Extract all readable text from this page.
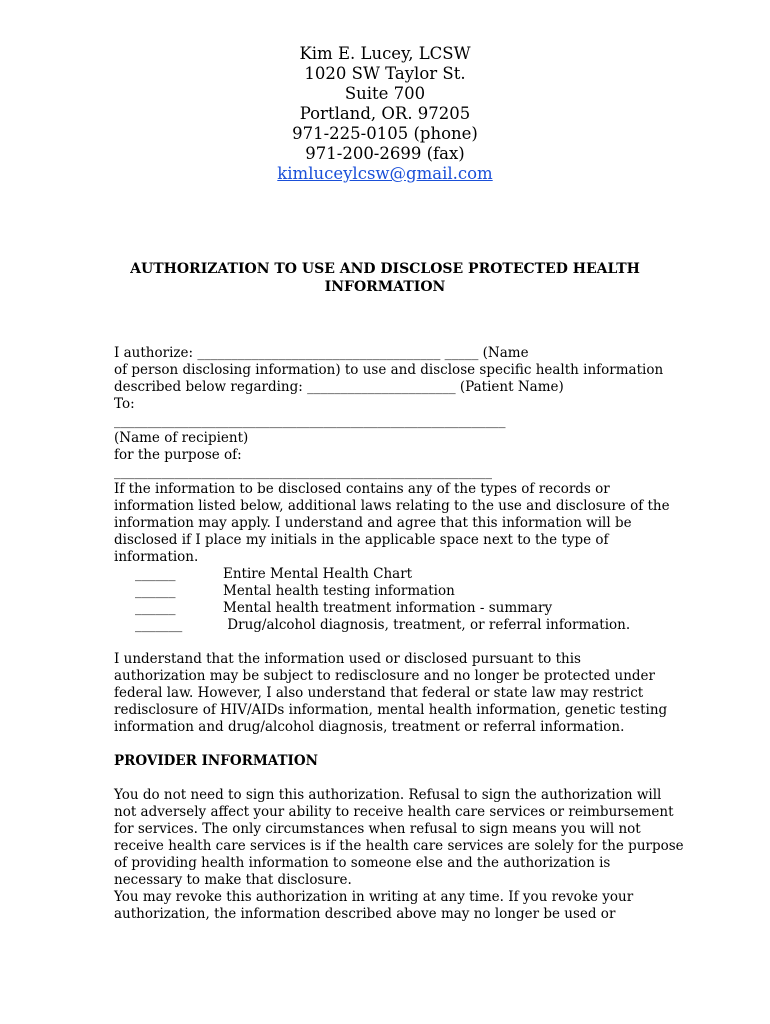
Kim E. Lucey, LCSW
1020 SW Taylor St.
Suite 700
Portland, OR. 97205
971-225-0105 (phone)
971-200-2699 (fax)
kimluceylcsw@gmail.com
AUTHORIZATION TO USE AND DISCLOSE PROTECTED HEALTH
INFORMATION
I authorize: ____________________________________ _____ (Name
of person disclosing information) to use and disclose specific health information
described below regarding: ______________________ (Patient Name)
To:
__________________________________________________________
(Name of recipient)
for the purpose of:
________________________________________________________
If the information to be disclosed contains any of the types of records or
information listed below, additional laws relating to the use and disclosure of the
information may apply. I understand and agree that this information will be
disclosed if I place my initials in the applicable space next to the type of
information.
______	Entire Mental Health Chart
______	Mental health testing information
______	Mental health treatment information - summary
_______	Drug/alcohol diagnosis, treatment, or referral information.
I understand that the information used or disclosed pursuant to this
authorization may be subject to redisclosure and no longer be protected under
federal law. However, I also understand that federal or state law may restrict
redisclosure of HIV/AIDs information, mental health information, genetic testing
information and drug/alcohol diagnosis, treatment or referral information.
PROVIDER INFORMATION
You do not need to sign this authorization. Refusal to sign the authorization will
not adversely affect your ability to receive health care services or reimbursement
for services. The only circumstances when refusal to sign means you will not
receive health care services is if the health care services are solely for the purpose
of providing health information to someone else and the authorization is
necessary to make that disclosure.
You may revoke this authorization in writing at any time. If you revoke your
authorization, the information described above may no longer be used or
